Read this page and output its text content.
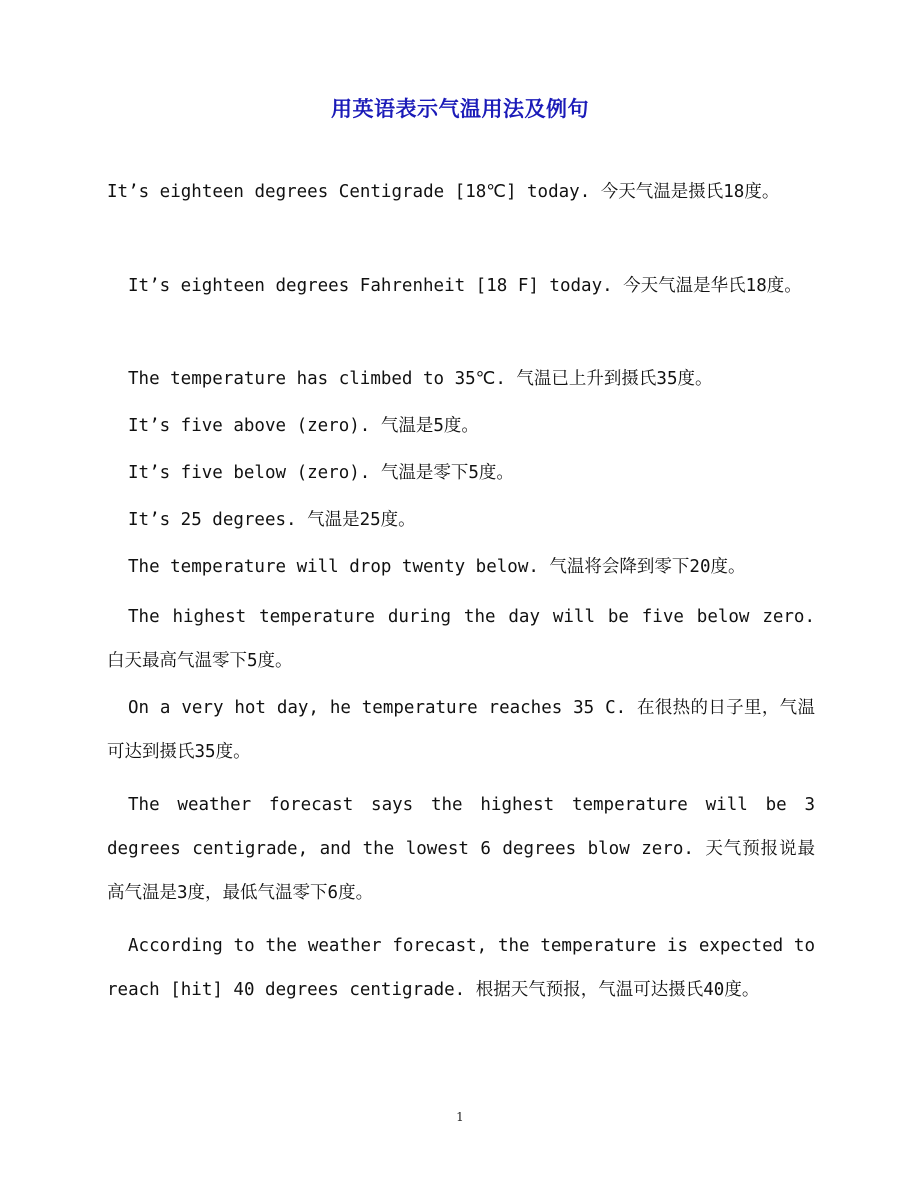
用英语表示气温用法及例句
It’s eighteen degrees Centigrade [18℃] today. 今天气温是摄氏18度。
It’s eighteen degrees Fahrenheit [18 F] today. 今天气温是华氏18度。
The temperature has climbed to 35℃. 气温已上升到摄氏35度。
It’s five above (zero). 气温是5度。
It’s five below (zero). 气温是零下5度。
It’s 25 degrees. 气温是25度。
The temperature will drop twenty below. 气温将会降到零下20度。
The highest temperature during the day will be five below zero. 白天最高气温零下5度。
On a very hot day, he temperature reaches 35 C. 在很热的日子里，气温可达到摄氏35度。
The weather forecast says the highest temperature will be 3 degrees centigrade, and the lowest 6 degrees blow zero. 天气预报说最高气温是3度，最低气温零下6度。
According to the weather forecast, the temperature is expected to reach [hit] 40 degrees centigrade. 根据天气预报，气温可达摄氏40度。
1
